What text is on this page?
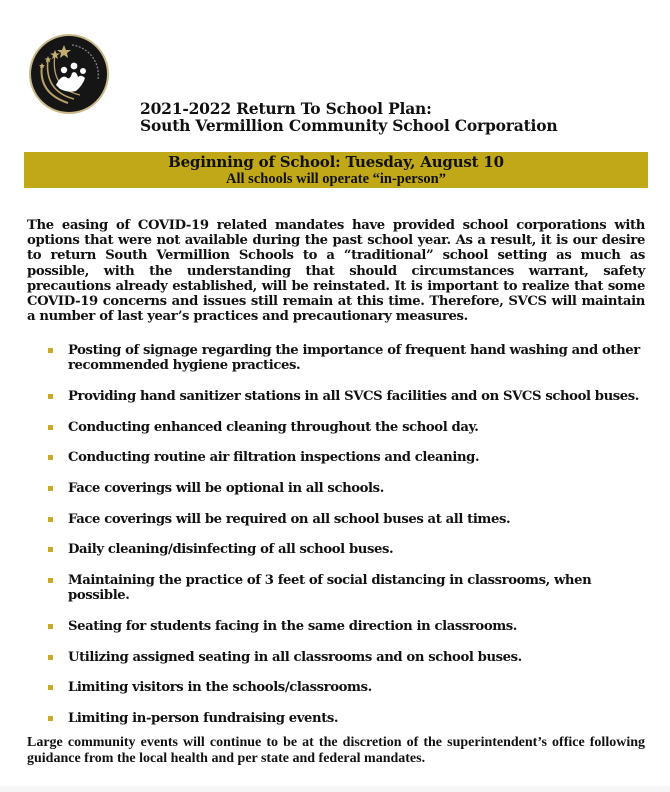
2021-2022 Return To School Plan:
South Vermillion Community School Corporation
Beginning of School: Tuesday, August 10
All schools will operate “in-person”

The easing of COVID-19 related mandates have provided school corporations with options that were not available during the past school year. As a result, it is our desire to return South Vermillion Schools to a “traditional” school setting as much as possible, with the understanding that should circumstances warrant, safety precautions already established, will be reinstated. It is important to realize that some COVID-19 concerns and issues still remain at this time. Therefore, SVCS will maintain a number of last year’s practices and precautionary measures.

Posting of signage regarding the importance of frequent hand washing and other recommended hygiene practices.
Providing hand sanitizer stations in all SVCS facilities and on SVCS school buses.
Conducting enhanced cleaning throughout the school day.
Conducting routine air filtration inspections and cleaning.
Face coverings will be optional in all schools.
Face coverings will be required on all school buses at all times.
Daily cleaning/disinfecting of all school buses.
Maintaining the practice of 3 feet of social distancing in classrooms, when possible.
Seating for students facing in the same direction in classrooms.
Utilizing assigned seating in all classrooms and on school buses.
Limiting visitors in the schools/classrooms.
Limiting in-person fundraising events.

Large community events will continue to be at the discretion of the superintendent’s office following guidance from the local health and per state and federal mandates.
